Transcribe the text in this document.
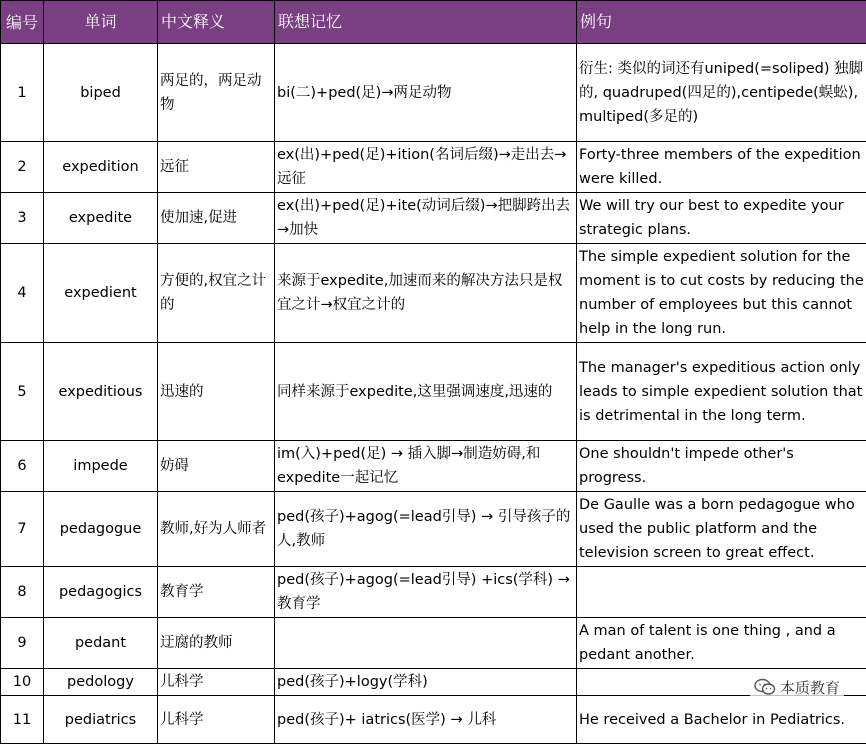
编号	单词	中文释义	联想记忆	例句
1	biped	两足的，两足动物	bi(二)+ped(足)→两足动物	衍生: 类似的词还有uniped(=soliped) 独脚的, quadruped(四足的),centipede(蜈蚣), multiped(多足的)
2	expedition	远征	ex(出)+ped(足)+ition(名词后缀)→走出去→ 远征	Forty-three members of the expedition were killed.
3	expedite	使加速,促进	ex(出)+ped(足)+ite(动词后缀)→把脚跨出去→加快	We will try our best to expedite your strategic plans.
4	expedient	方便的,权宜之计的	来源于expedite,加速而来的解决方法只是权宜之计→权宜之计的	The simple expedient solution for the moment is to cut costs by reducing the number of employees but this cannot help in the long run.
5	expeditious	迅速的	同样来源于expedite,这里强调速度,迅速的	The manager's expeditious action only leads to simple expedient solution that is detrimental in the long term.
6	impede	妨碍	im(入)+ped(足) → 插入脚→制造妨碍,和expedite一起记忆	One shouldn't impede other's progress.
7	pedagogue	教师,好为人师者	ped(孩子)+agog(=lead引导) → 引导孩子的人,教师	De Gaulle was a born pedagogue who used the public platform and the television screen to great effect.
8	pedagogics	教育学	ped(孩子)+agog(=lead引导) +ics(学科) → 教育学	
9	pedant	迂腐的教师		A man of talent is one thing , and a pedant another.
10	pedology	儿科学	ped(孩子)+logy(学科)	
11	pediatrics	儿科学	ped(孩子)+ iatrics(医学) → 儿科	He received a Bachelor in Pediatrics.
本质教育
